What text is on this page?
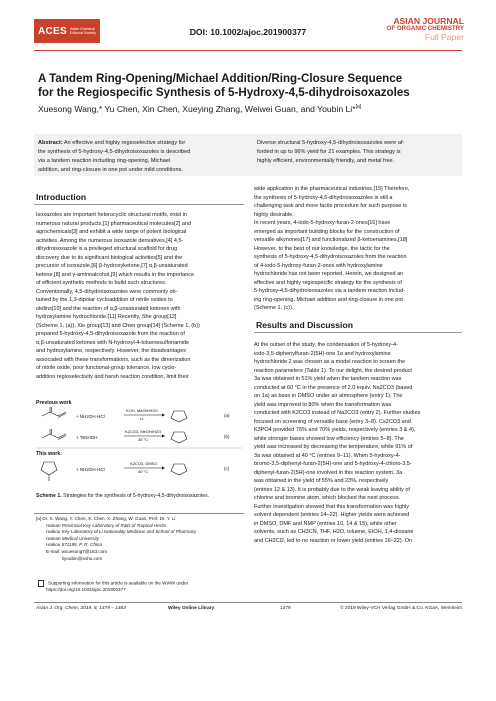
ACES Asian Chemical
Editorial Society	DOI: 10.1002/ajoc.201900377
ASIAN JOURNAL
OF ORGANIC CHEMISTRY
Full Paper
A Tandem Ring-Opening/Michael Addition/Ring-Closure Sequence
for the Regiospecific Synthesis of 5-Hydroxy-4,5-dihydroisoxazoles
Xuesong Wang,* Yu Chen, Xin Chen, Xueying Zhang, Weiwei Guan, and Youbin Li*[a]
Abstract: An effective and highly regioselective strategy for
the synthesis of 5-hydroxy-4,5-dihydroisoxazoles is described
via a tandem reaction including ring-opening, Michael
addition, and ring-closure in one pot under mild conditions.
Diverse structural 5-hydroxy-4,5-dihydroisoxazoles were af-
forded in up to 96% yield for 21 examples. This strategy is
highly efficient, environmentally friendly, and metal free.
Introduction
Isoxazoles are important heterocyclic structural motifs, exist in
numerous natural products,[1] pharmaceutical molecules[2] and
agrochemicals[3] and exhibit a wide range of potent biological
activities. Among the numerous isoxazole derivatives,[4] 4,5-
dihydroisoxazole is a privileged structural scaffold for drug
discovery due to its significant biological activities[5] and the
precursor of isoxazole,[6] β-hydroxyketone,[7] α,β-unsaturated
ketone,[8] and γ-aminoalcohol,[9] which results in the importance
of efficient synthetic methods to build such structures.
Conventionally, 4,5-dihydroisoxazoles were commonly ob-
tained by the 1,3-dipolar cycloaddition of nitrile oxides to
olefins[10] and the reaction of α,β-unsaturated ketones with
hydroxylamine hydrochloride.[11] Recently, She group[12]
(Scheme 1, (a)), Xie group[13] and Chen group[14] (Scheme 1, (b))
prepared 5-hydroxy-4,5-dihydroisoxazole from the reaction of
α,β-unsaturated ketones with N-hydroxyl-4-toluenesulfonamide
and hydroxylamine, respectively. However, the disadvantages
associated with these transformations, such as the dimerization
of nitrile oxide, poor functional-group tolerance, low cyclo-
addition regioselectivity and harsh reaction condition, limit their
Previous work
+ NH2OH·HCl
KOH, MeOH/H2O
r.t.
(a)
+ TsNHOH
K2CO3, MeOH/H2O
35 °C
(b)
This work:
+ NH2OH·HCl
K2CO3, DMSO
40 °C
(c)
Scheme 1. Strategies for the synthesis of 5-hydroxy-4,5-dihydroisoxazoles.
[a] Dr. X. Wang, Y. Chen, X. Chen, X. Zhang, W. Guan, Prof. Dr. Y. Li
Hainan Provincial Key Laboratory of R&D of Tropical Herbs
Haikou Key Laboratory of Li Nationality Medicine and School of Pharmacy
Hainan Medical University
Haikou 571199, P. R. China
E-mail: wxuesong7@163.com
liyoubin@sohu.com
Supporting information for this article is available on the WWW under
https://doi.org/10.1002/ajoc.201900377
wide application in the pharmaceutical industries.[15] Therefore,
the synthesis of 5-hydroxy-4,5-dihydroisoxazoles is still a
challenging task and more facile procedure for such purpose is
highly desirable.
In recent years, 4-iodo-5-hydroxy-furan-2-ones[16] have
emerged as important building blocks for the construction of
versatile alkynones[17] and functionalized β-ketoenamines.[18]
However, to the best of our knowledge, the tactic for the
synthesis of 5-hydroxy-4,5-dihydroisoxazoles from the reaction
of 4-iodo-5-hydroxy-furan-2-ones with hydroxylamine
hydrochloride has not been reported. Herein, we designed an
effective and highly regiospecific strategy for the synthesis of
5-hydroxy-4,5-dihydroisoxazoles via a tandem reaction includ-
ing ring-opening, Michael addition and ring-closure in one pot
(Scheme 1, (c)).
Results and Discussion
At the outset of the study, the condensation of 5-hydroxy-4-
iodo-3,5-diphenylfuran-2(5H)-one 1a and hydroxylamine
hydrochloride 2 was chosen as a model reaction to screen the
reaction parameters (Table 1). To our delight, the desired product
3a was obtained in 51% yield when the tandem reaction was
conducted at 60 °C in the presence of 2.0 equiv. Na2CO3 (based
on 1a) as base in DMSO under air atmosphere (entry 1). The
yield was improved to 80% when the transformation was
conducted with K2CO3 instead of Na2CO3 (entry 2). Further studies
focused on screening of versatile base (entry 3–8). Cs2CO3 and
K3PO4 provided 76% and 70% yields, respectively (entries 3 & 4),
while stronger bases showed low efficiency (entries 5–8). The
yield was increased by decreasing the temperature, while 91% of
3a was obtained at 40 °C (entries 9–11). When 5-hydroxy-4-
bromo-3,5-diphenyl-furan-2(5H)-one and 5-hydroxy-4-chloro-3,5-
diphenyl-furan-2(5H)-one involved in this reaction system, 3a
was obtained in the yield of 55% and 23%, respectively
(entries 12 & 13). It is probably due to the weak leaving ability of
chlorine and bromine atom, which blocked the next process.
Further investigation showed that this transformation was highly
solvent dependent (entries 14–22). Higher yields were achieved
in DMSO, DMF and NMP (entries 10, 14 & 15), while other
solvents, such as CH3CN, THF, H2O, toluene, EtOH, 1,4-dioxane
and CH2Cl2, led to no reaction or lower yield (entries 16–22). On
Asian J. Org. Chem. 2019, 8, 1479 – 1483	Wiley Online Library	1479	© 2019 Wiley-VCH Verlag GmbH & Co. KGaA, Weinheim
